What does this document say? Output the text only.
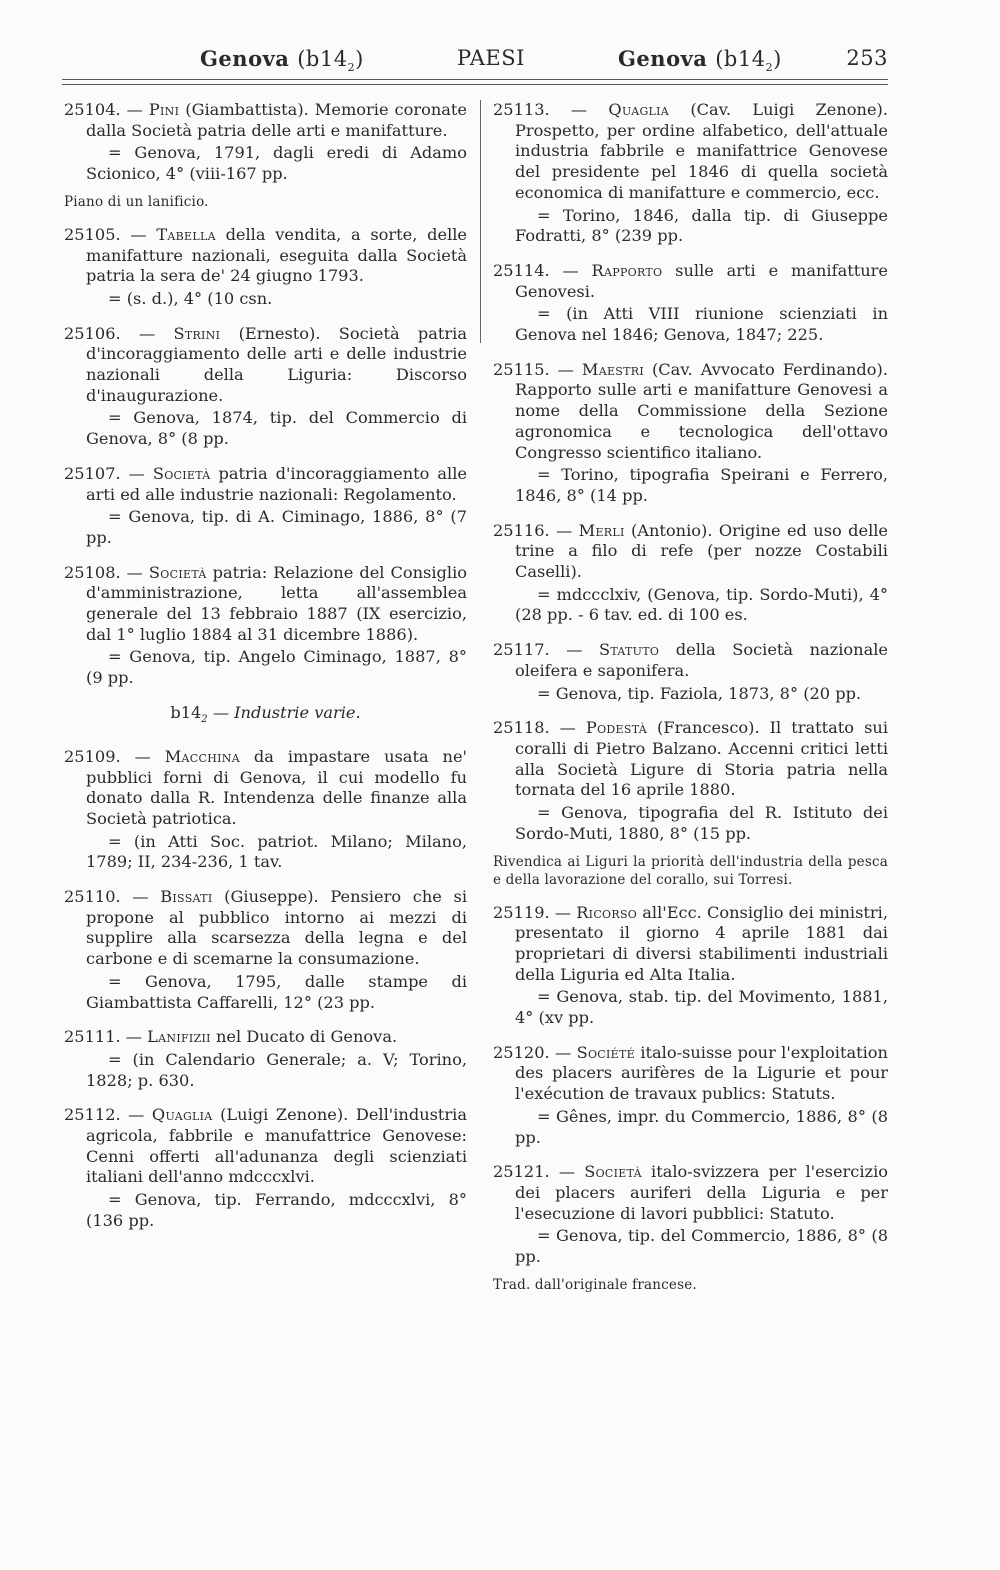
Genova $(b14_2)$	PAESI	Genova $(b14_2)$	253
25104. — Pini (Giambattista). Memorie coronate dalla Società patria delle arti e manifatture.
= Genova, 1791, dagli eredi di Adamo Scionico, 4° (viii-167 pp.
Piano di un lanificio.
25105. — Tabella della vendita, a sorte, delle manifatture nazionali, eseguita dalla Società patria la sera de' 24 giugno 1793.
= (s. d.), 4° (10 csn.
25106. — Strini (Ernesto). Società patria d'incoraggiamento delle arti e delle industrie nazionali della Liguria: Discorso d'inaugurazione.
= Genova, 1874, tip. del Commercio di Genova, 8° (8 pp.
25107. — Società patria d'incoraggiamento alle arti ed alle industrie nazionali: Regolamento.
= Genova, tip. di A. Ciminago, 1886, 8° (7 pp.
25108. — Società patria: Relazione del Consiglio d'amministrazione, letta all'assemblea generale del 13 febbraio 1887 (IX esercizio, dal 1° luglio 1884 al 31 dicembre 1886).
= Genova, tip. Angelo Ciminago, 1887, 8° (9 pp.
$b14_2$ — Industrie varie.
25109. — Macchina da impastare usata ne' pubblici forni di Genova, il cui modello fu donato dalla R. Intendenza delle finanze alla Società patriotica.
= (in Atti Soc. patriot. Milano; Milano, 1789; II, 234-236, 1 tav.
25110. — Bissati (Giuseppe). Pensiero che si propone al pubblico intorno ai mezzi di supplire alla scarsezza della legna e del carbone e di scemarne la consumazione.
= Genova, 1795, dalle stampe di Giambattista Caffarelli, 12° (23 pp.
25111. — Lanifizii nel Ducato di Genova.
= (in Calendario Generale; a. V; Torino, 1828; p. 630.
25112. — Quaglia (Luigi Zenone). Dell'industria agricola, fabbrile e manufattrice Genovese: Cenni offerti all'adunanza degli scienziati italiani dell'anno mdcccxlvi.
= Genova, tip. Ferrando, mdcccxlvi, 8° (136 pp.
25113. — Quaglia (Cav. Luigi Zenone). Prospetto, per ordine alfabetico, dell'attuale industria fabbrile e manifattrice Genovese del presidente pel 1846 di quella società economica di manifatture e commercio, ecc.
= Torino, 1846, dalla tip. di Giuseppe Fodratti, 8° (239 pp.
25114. — Rapporto sulle arti e manifatture Genovesi.
= (in Atti VIII riunione scienziati in Genova nel 1846; Genova, 1847; 225.
25115. — Maestri (Cav. Avvocato Ferdinando). Rapporto sulle arti e manifatture Genovesi a nome della Commissione della Sezione agronomica e tecnologica dell'ottavo Congresso scientifico italiano.
= Torino, tipografia Speirani e Ferrero, 1846, 8° (14 pp.
25116. — Merli (Antonio). Origine ed uso delle trine a filo di refe (per nozze Costabili Caselli).
= mdccclxiv, (Genova, tip. Sordo-Muti), 4° (28 pp. - 6 tav. ed. di 100 es.
25117. — Statuto della Società nazionale oleifera e saponifera.
= Genova, tip. Faziola, 1873, 8° (20 pp.
25118. — Podestà (Francesco). Il trattato sui coralli di Pietro Balzano. Accenni critici letti alla Società Ligure di Storia patria nella tornata del 16 aprile 1880.
= Genova, tipografia del R. Istituto dei Sordo-Muti, 1880, 8° (15 pp.
Rivendica ai Liguri la priorità dell'industria della pesca e della lavorazione del corallo, sui Torresi.
25119. — Ricorso all'Ecc. Consiglio dei ministri, presentato il giorno 4 aprile 1881 dai proprietari di diversi stabilimenti industriali della Liguria ed Alta Italia.
= Genova, stab. tip. del Movimento, 1881, 4° (xv pp.
25120. — Société italo-suisse pour l'exploitation des placers aurifères de la Ligurie et pour l'exécution de travaux publics: Statuts.
= Gênes, impr. du Commercio, 1886, 8° (8 pp.
25121. — Società italo-svizzera per l'esercizio dei placers auriferi della Liguria e per l'esecuzione di lavori pubblici: Statuto.
= Genova, tip. del Commercio, 1886, 8° (8 pp.
Trad. dall'originale francese.
